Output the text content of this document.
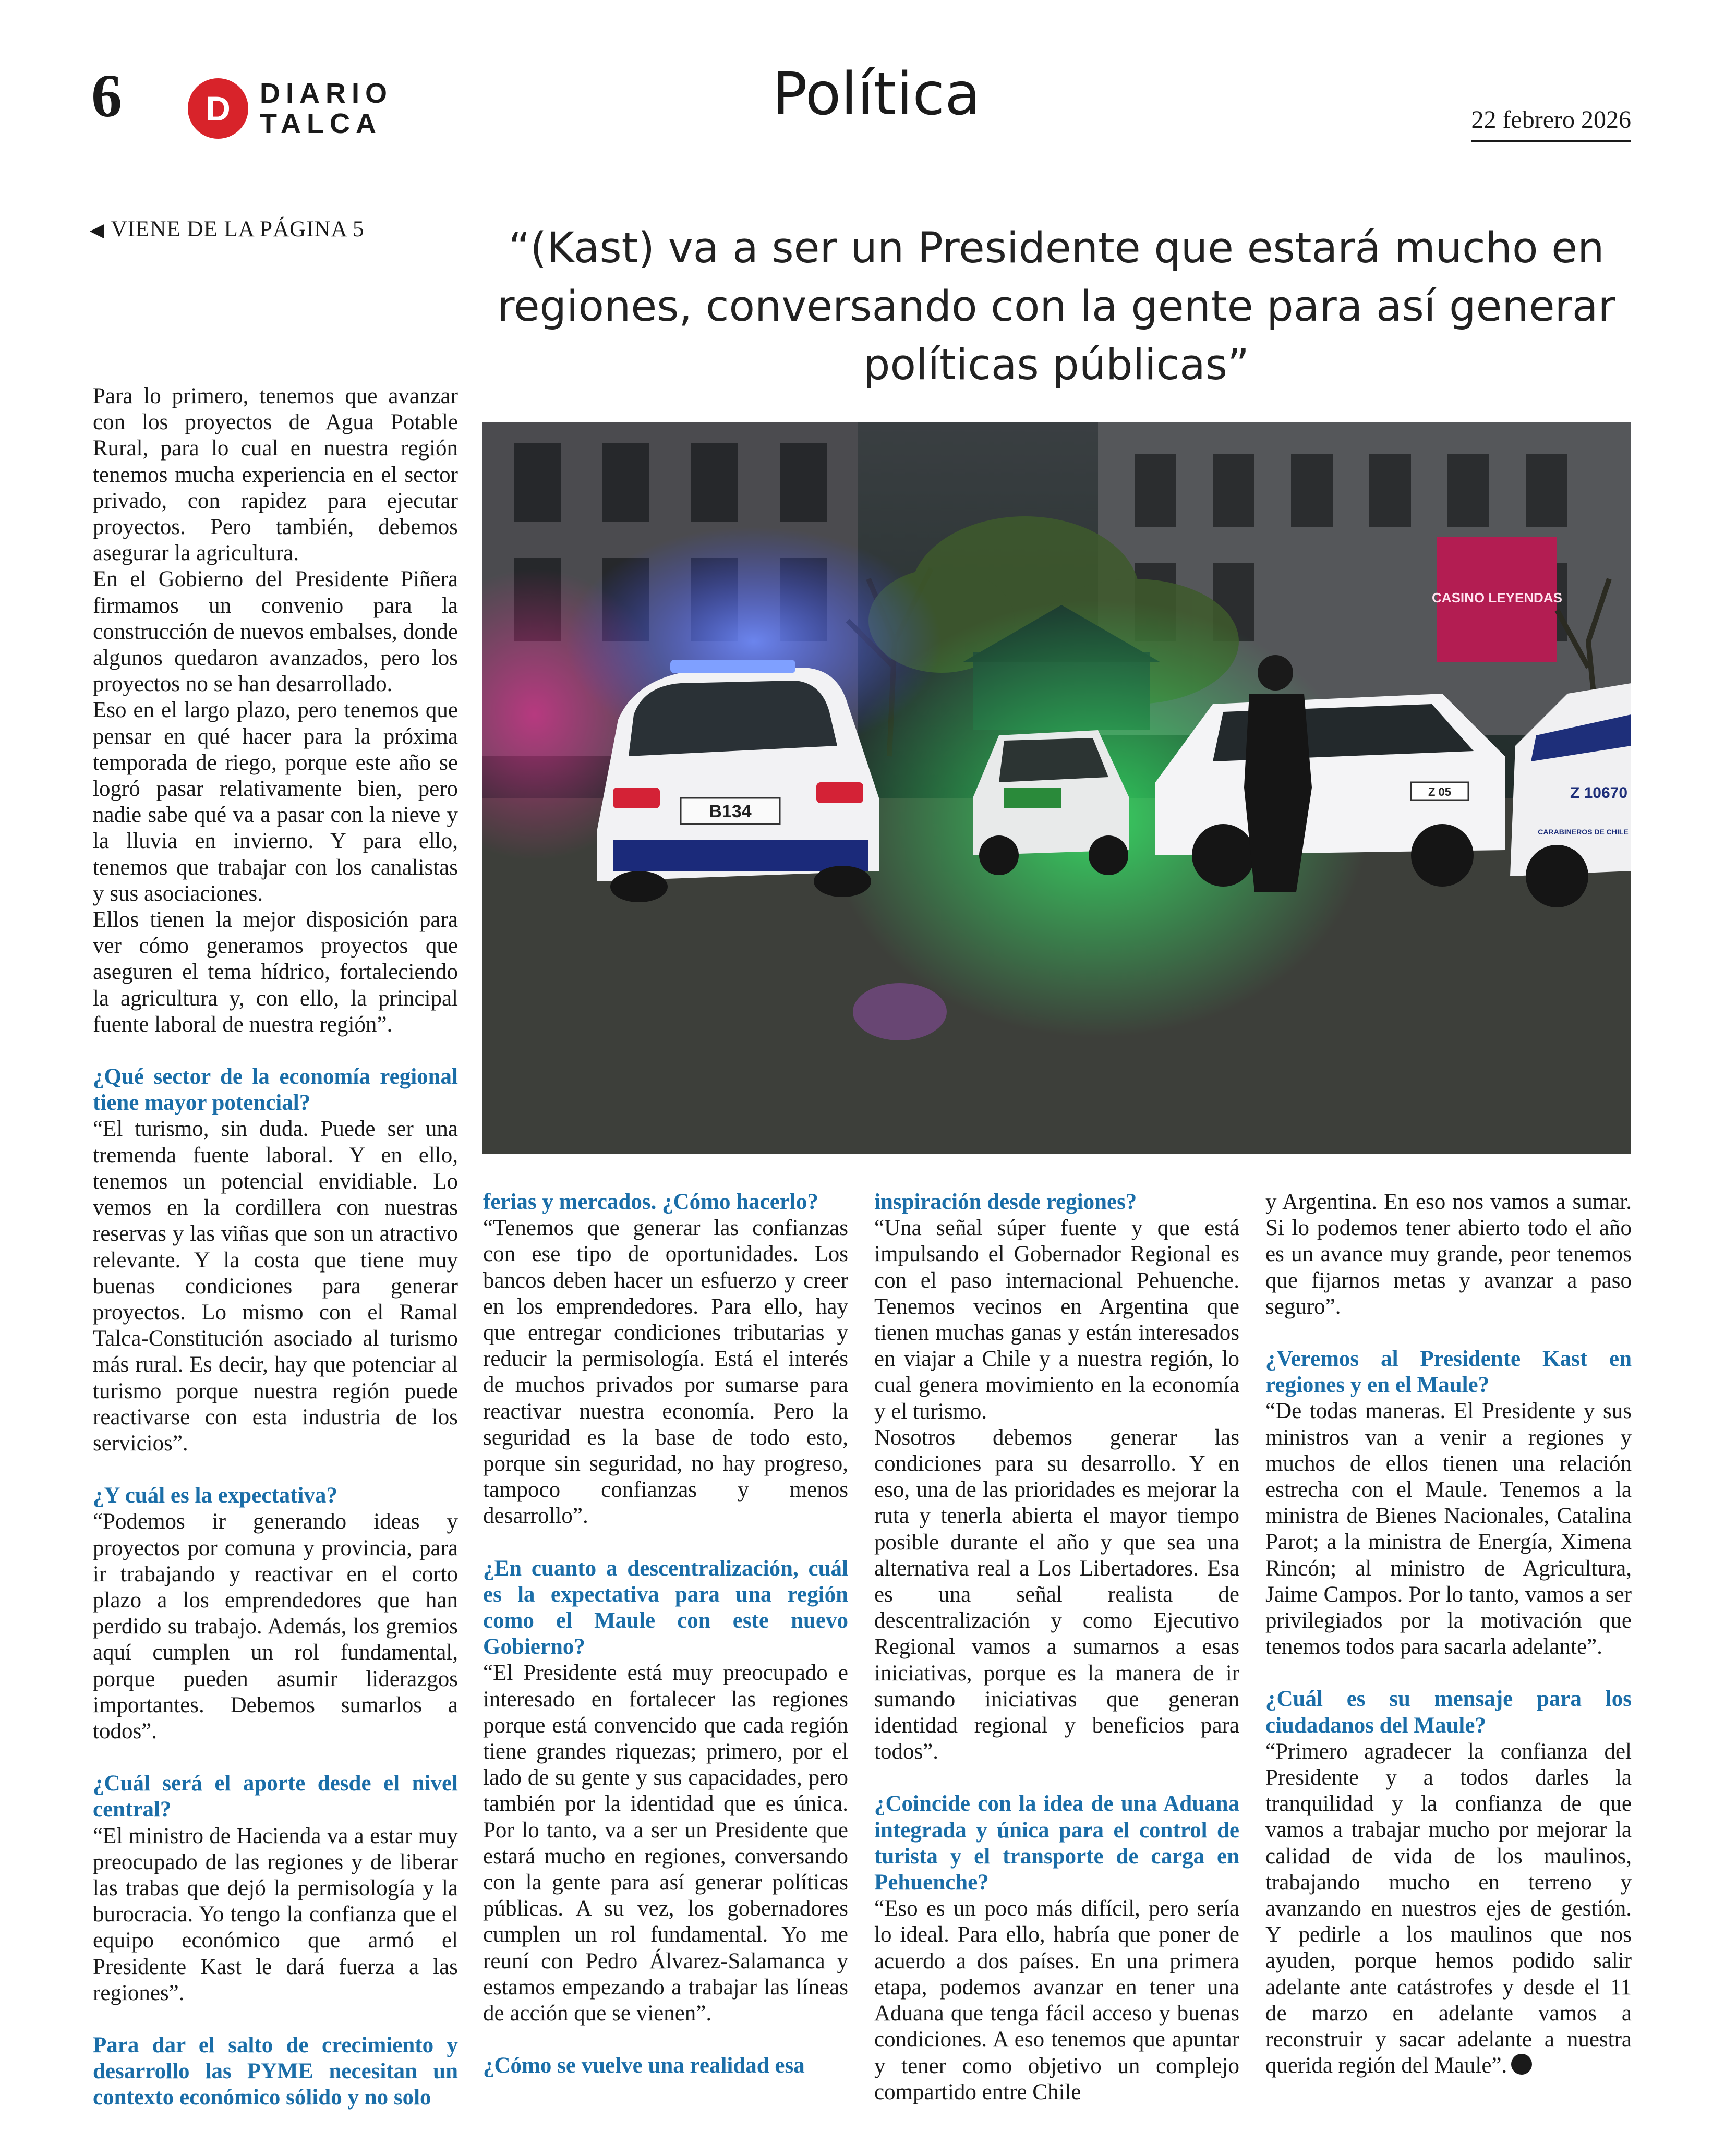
6	D	DIARIO
TALCA	Política	22 febrero 2026
◀ VIENE DE LA PÁGINA 5	“(Kast) va a ser un Presidente que estará mucho en regiones, conversando con la gente para así generar políticas públicas”
CASINO LEYENDAS
B134
Z 05	Z 10670
CARABINEROS DE CHILE

Para lo primero, tenemos que avanzar con los proyectos de Agua Potable Rural, para lo cual en nuestra región tenemos mucha experiencia en el sector privado, con rapidez para ejecutar proyectos. Pero también, debemos asegurar la agricultura.

En el Gobierno del Presidente Piñera firmamos un convenio para la construcción de nuevos embalses, donde algunos quedaron avanzados, pero los proyectos no se han desarrollado.

Eso en el largo plazo, pero tenemos que pensar en qué hacer para la próxima temporada de riego, porque este año se logró pasar relativamente bien, pero nadie sabe qué va a pasar con la nieve y la lluvia en invierno. Y para ello, tenemos que trabajar con los canalistas y sus asociaciones.

Ellos tienen la mejor disposición para ver cómo generamos proyectos que aseguren el tema hídrico, fortaleciendo la agricultura y, con ello, la principal fuente laboral de nuestra región”.

¿Qué sector de la economía regional tiene mayor potencial?

“El turismo, sin duda. Puede ser una tremenda fuente laboral. Y en ello, tenemos un potencial envidiable. Lo vemos en la cordillera con nuestras reservas y las viñas que son un atractivo relevante. Y la costa que tiene muy buenas condiciones para generar proyectos. Lo mismo con el Ramal Talca-Constitución asociado al turismo más rural. Es decir, hay que potenciar al turismo porque nuestra región puede reactivarse con esta industria de los servicios”.

¿Y cuál es la expectativa?

“Podemos ir generando ideas y proyectos por comuna y provincia, para ir trabajando y reactivar en el corto plazo a los emprendedores que han perdido su trabajo. Además, los gremios aquí cumplen un rol fundamental, porque pueden asumir liderazgos importantes. Debemos sumarlos a todos”.

¿Cuál será el aporte desde el nivel central?

“El ministro de Hacienda va a estar muy preocupado de las regiones y de liberar las trabas que dejó la permisología y la burocracia. Yo tengo la confianza que el equipo económico que armó el Presidente Kast le dará fuerza a las regiones”.

Para dar el salto de crecimiento y desarrollo las PYME necesitan un contexto económico sólido y no solo
ferias y mercados. ¿Cómo hacerlo?

“Tenemos que generar las confianzas con ese tipo de oportunidades. Los bancos deben hacer un esfuerzo y creer en los emprendedores. Para ello, hay que entregar condiciones tributarias y reducir la permisología. Está el interés de muchos privados por sumarse para reactivar nuestra economía. Pero la seguridad es la base de todo esto, porque sin seguridad, no hay progreso, tampoco confianzas y menos desarrollo”.

¿En cuanto a descentralización, cuál es la expectativa para una región como el Maule con este nuevo Gobierno?

“El Presidente está muy preocupado e interesado en fortalecer las regiones porque está convencido que cada región tiene grandes riquezas; primero, por el lado de su gente y sus capacidades, pero también por la identidad que es única. Por lo tanto, va a ser un Presidente que estará mucho en regiones, conversando con la gente para así generar políticas públicas. A su vez, los gobernadores cumplen un rol fundamental. Yo me reuní con Pedro Álvarez-Salamanca y estamos empezando a trabajar las líneas de acción que se vienen”.

¿Cómo se vuelve una realidad esa
inspiración desde regiones?

“Una señal súper fuente y que está impulsando el Gobernador Regional es con el paso internacional Pehuenche. Tenemos vecinos en Argentina que tienen muchas ganas y están interesados en viajar a Chile y a nuestra región, lo cual genera movimiento en la economía y el turismo.

Nosotros debemos generar las condiciones para su desarrollo. Y en eso, una de las prioridades es mejorar la ruta y tenerla abierta el mayor tiempo posible durante el año y que sea una alternativa real a Los Libertadores. Esa es una señal realista de descentralización y como Ejecutivo Regional vamos a sumarnos a esas iniciativas, porque es la manera de ir sumando iniciativas que generan identidad regional y beneficios para todos”.

¿Coincide con la idea de una Aduana integrada y única para el control de turista y el transporte de carga en Pehuenche?

“Eso es un poco más difícil, pero sería lo ideal. Para ello, habría que poner de acuerdo a dos países. En una primera etapa, podemos avanzar en tener una Aduana que tenga fácil acceso y buenas condiciones. A eso tenemos que apuntar y tener como objetivo un complejo compartido entre Chile

y Argentina. En eso nos vamos a sumar. Si lo podemos tener abierto todo el año es un avance muy grande, peor tenemos que fijarnos metas y avanzar a paso seguro”.

¿Veremos al Presidente Kast en regiones y en el Maule?

“De todas maneras. El Presidente y sus ministros van a venir a regiones y muchos de ellos tienen una relación estrecha con el Maule. Tenemos a la ministra de Bienes Nacionales, Catalina Parot; a la ministra de Energía, Ximena Rincón; al ministro de Agricultura, Jaime Campos. Por lo tanto, vamos a ser privilegiados por la motivación que tenemos todos para sacarla adelante”.

¿Cuál es su mensaje para los ciudadanos del Maule?

“Primero agradecer la confianza del Presidente y a todos darles la tranquilidad y la confianza de que vamos a trabajar mucho por mejorar la calidad de vida de los maulinos, trabajando mucho en terreno y avanzando en nuestros ejes de gestión. Y pedirle a los maulinos que nos ayuden, porque hemos podido salir adelante ante catástrofes y desde el 11 de marzo en adelante vamos a reconstruir y sacar adelante a nuestra querida región del Maule”.
